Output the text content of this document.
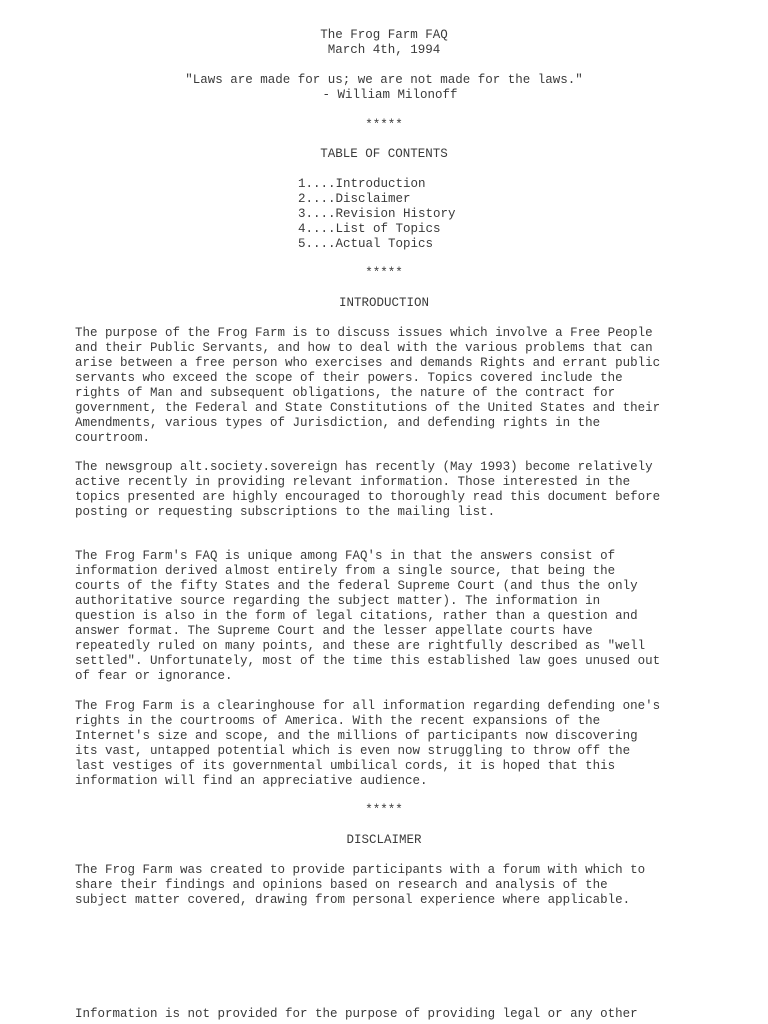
The Frog Farm FAQ
March 4th, 1994
"Laws are made for us; we are not made for the laws."
- William Milonoff
*****
TABLE OF CONTENTS
1....Introduction
2....Disclaimer
3....Revision History
4....List of Topics
5....Actual Topics
*****
INTRODUCTION
The purpose of the Frog Farm is to discuss issues which involve a Free People
and their Public Servants, and how to deal with the various problems that can
arise between a free person who exercises and demands Rights and errant public
servants who exceed the scope of their powers. Topics covered include the
rights of Man and subsequent obligations, the nature of the contract for
government, the Federal and State Constitutions of the United States and their
Amendments, various types of Jurisdiction, and defending rights in the
courtroom.
The newsgroup alt.society.sovereign has recently (May 1993) become relatively
active recently in providing relevant information. Those interested in the
topics presented are highly encouraged to thoroughly read this document before
posting or requesting subscriptions to the mailing list.
The Frog Farm's FAQ is unique among FAQ's in that the answers consist of
information derived almost entirely from a single source, that being the
courts of the fifty States and the federal Supreme Court (and thus the only
authoritative source regarding the subject matter). The information in
question is also in the form of legal citations, rather than a question and
answer format. The Supreme Court and the lesser appellate courts have
repeatedly ruled on many points, and these are rightfully described as "well
settled". Unfortunately, most of the time this established law goes unused out
of fear or ignorance.
The Frog Farm is a clearinghouse for all information regarding defending one's
rights in the courtrooms of America. With the recent expansions of the
Internet's size and scope, and the millions of participants now discovering
its vast, untapped potential which is even now struggling to throw off the
last vestiges of its governmental umbilical cords, it is hoped that this
information will find an appreciative audience.
*****
DISCLAIMER
The Frog Farm was created to provide participants with a forum with which to
share their findings and opinions based on research and analysis of the
subject matter covered, drawing from personal experience where applicable.
Information is not provided for the purpose of providing legal or any other
